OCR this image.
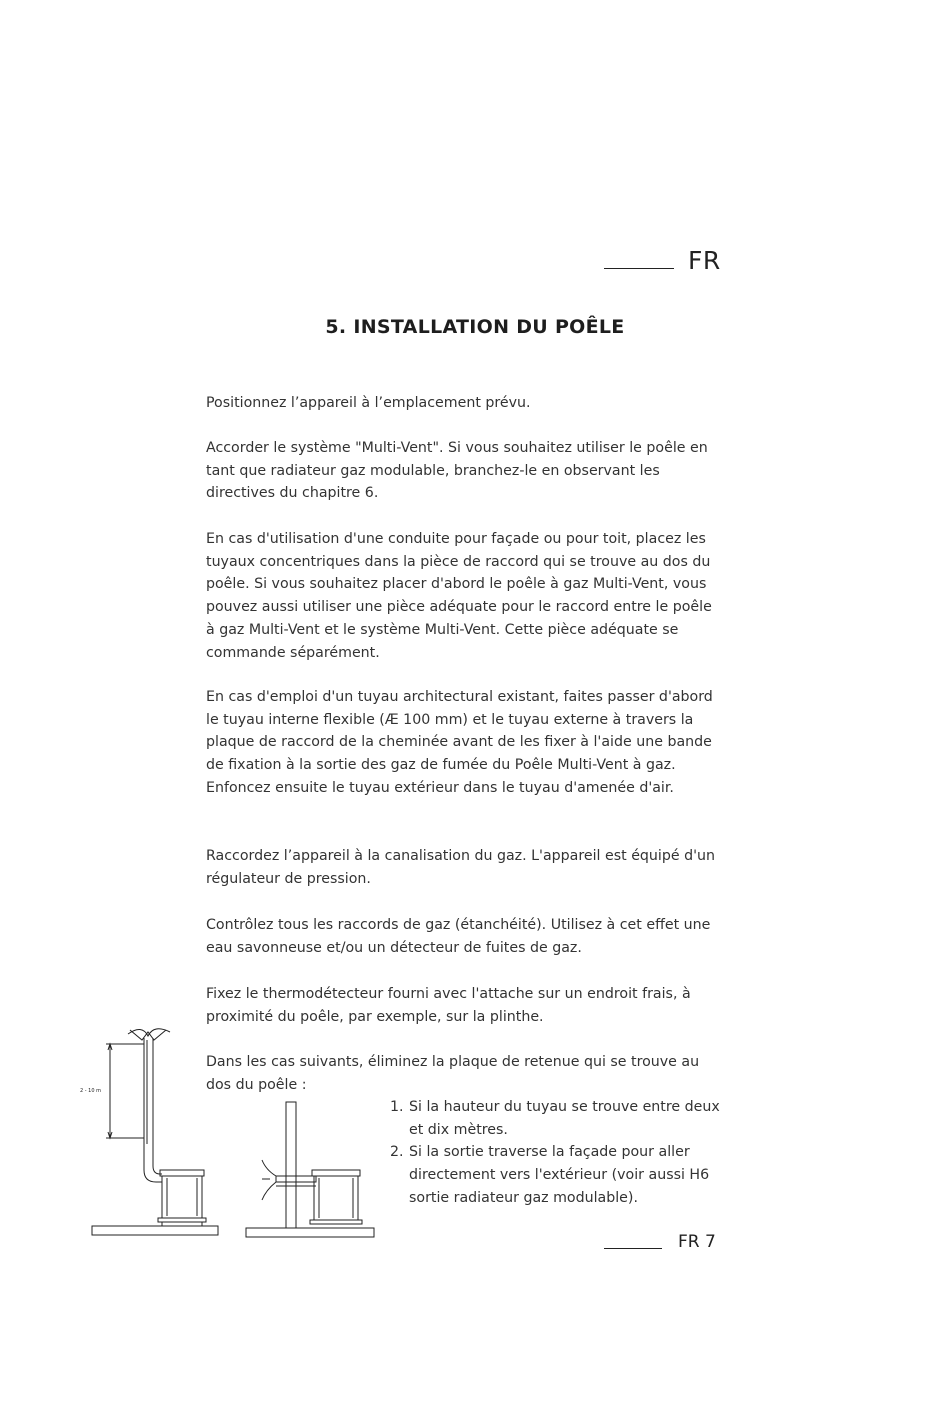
FR
5. INSTALLATION DU POÊLE

Positionnez l’appareil à l’emplacement prévu.

Accorder le système "Multi-Vent". Si vous souhaitez utiliser le poêle en tant que radiateur gaz modulable, branchez-le en observant les directives du chapitre 6.

En cas d'utilisation d'une conduite pour façade ou pour toit, placez les tuyaux concentriques dans la pièce de raccord qui se trouve au dos du poêle. Si vous souhaitez placer d'abord le poêle à gaz Multi-Vent, vous pouvez aussi utiliser une pièce adéquate pour le raccord entre le poêle à gaz Multi-Vent et le système Multi-Vent. Cette pièce adéquate se commande séparément.

En cas d'emploi d'un tuyau architectural existant, faites passer d'abord le tuyau interne flexible (Æ 100 mm) et le tuyau externe à travers la plaque de raccord de la cheminée avant de les fixer à l'aide une bande de fixation à la sortie des gaz de fumée du Poêle Multi-Vent à gaz. Enfoncez ensuite le tuyau extérieur dans le tuyau d'amenée d'air.

Raccordez l’appareil à la canalisation du gaz. L'appareil est équipé d'un régulateur de pression.

Contrôlez tous les raccords de gaz (étanchéité). Utilisez à cet effet une eau savonneuse et/ou un détecteur de fuites de gaz.

Fixez le thermodétecteur fourni avec l'attache sur un endroit frais, à proximité du poêle, par exemple, sur la plinthe.

Dans les cas suivants, éliminez la plaque de retenue qui se trouve au dos du poêle :

1. Si la hauteur du tuyau se trouve entre deux et dix mètres.
2. Si la sortie traverse la façade pour aller directement vers l'extérieur (voir aussi H6 sortie radiateur gaz modulable).
2 - 10 m
FR 7
